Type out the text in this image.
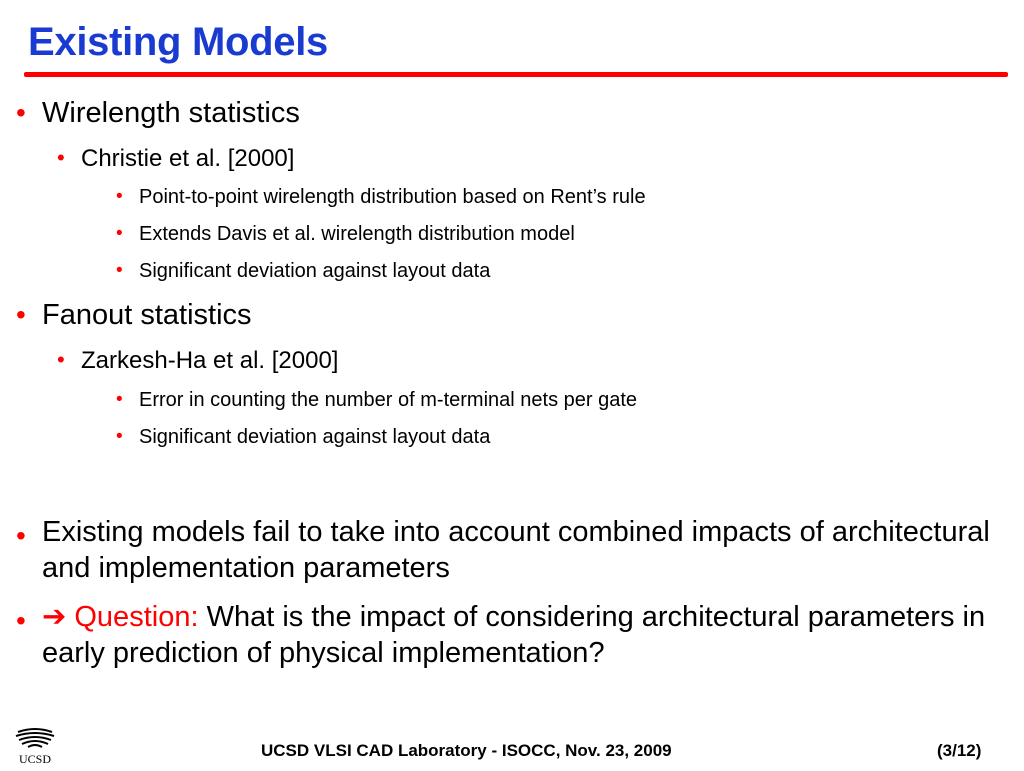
Existing Models
• Wirelength statistics
• Christie et al. [2000]
• Point-to-point wirelength distribution based on Rent’s rule
• Extends Davis et al. wirelength distribution model
• Significant deviation against layout data
• Fanout statistics
• Zarkesh-Ha et al. [2000]
• Error in counting the number of m-terminal nets per gate
• Significant deviation against layout data
• Existing models fail to take into account combined impacts of architectural and implementation parameters
• ➔ Question: What is the impact of considering architectural parameters in early prediction of physical implementation?
UCSD	UCSD VLSI CAD Laboratory - ISOCC, Nov. 23, 2009	(3/12)
